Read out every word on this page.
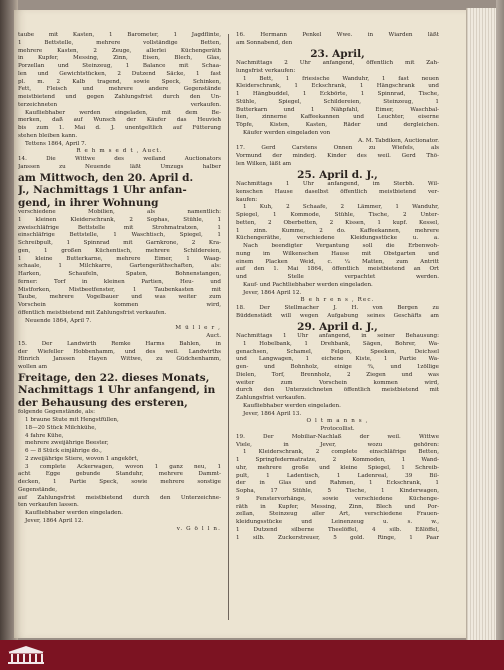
taube mit Kasten, 1 Barometer, 1 Jagdflinte,
1 Bettstelle, mehrere vollständige Betten,
mehrere Kasten, 2 Zeuge, allerlei Küchengeräth
in Kupfer, Messing, Zinn, Eisen, Blech, Glas,
Porzellan und Steinzeug, 1 Balance mit Schaa-
len und Gewichtstücken, 2 Dutzend Säcke, 1 fast
pl. m. 2 Kalb tragend, sowie Speck, Schinken,
Fett, Fleisch und mehrere andere Gegenstände
meistbietend und gegen Zahlungsfrist durch den Un-
terzeichneten verkaufen.
Kaufliebhaber werden eingeladen, mit dem Be-
merken, daß auf Wunsch der Käufer das Heuvieh
bis zum 1. Mai d. J. unentgeltlich auf Fütterung
stehen bleiben kann.
Tettens 1864, April 7.
R e h m s e d t , Auct.
14. Die Wittwe des weiland Auctionators
Janssen zu Neuende läßt Umzugs halber
am Mittwoch, den 20. April d.
J., Nachmittags 1 Uhr anfan-
gend, in ihrer Wohnung
verschiedene Mobilien, als namentlich:
1 kleinen Kleiderschrank, 2 Sophas, Stühle, 1
zweischläfrige Bettstelle mit Strohmatratzen, 1
einschläfrige Bettstelle, 1 Waschtisch, Spiegel, 1
Schreibpult, 1 Spinnrad mit Garnkrone, 2 Kra-
gen, 1 großen Küchentisch, mehrere Schildereien,
1 kleine Butterkarne, mehrere Eimer, 1 Waag-
schaale, 1 Milchkarre, Gartengeräthschaften, als:
Harken, Schaufeln, Spaten, Bohnenstangen,
ferner: Torf in kleinen Partien, Heu- und
Mistforken, Mistbeetfenster, 1 Taubenkasten mit
Taube, mehrere Vogelbauer und was weiter zum
Vorschein kommen wird,
öffentlich meistbietend mit Zahlungsfrist verkaufen.
Neuende 1864, April 7.
M ü l l e r ,
Auct.
15. Der Landwirth Remke Harms Bahlen, in
der Wiefeller Hobbenhamm, und des weil. Landwirths
Hinrich Janssen Hayen Wittwe, zu Güdchenhamm,
wollen am
Freitage, den 22. dieses Monats,
Nachmittags 1 Uhr anfangend, in
der Behausung des ersteren,
folgende Gegenstände, als:
1 braune Stute mit Hengstfüllen,
18—20 Stück Milchkühe,
4 fahre Kühe,
mehrere zweijährige Beester,
6 — 8 Stück einjährige do.,
2 zweijährige Stiere, wovon 1 angekört,
3 complete Ackerwagen, wovon 1 ganz neu, 1
acht Egge gebunde Standuhr, mehrere Dammt-
decken, 1 Partie Speck, sowie mehrere sonstige
Gegenstände,
auf Zahlungsfrist meistbietend durch den Unterzeichne-
ten verkaufen lassen.
Kaufliebhaber werden eingeladen.
Jever, 1864 April 12.
v. G ö l l n.
16. Hermann Penkel Wwe. in Wiarden läßt
am Sonnabend, den
23. April,
Nachmittags 2 Uhr anfangend, öffentlich mit Zah-
lungsfrist verkaufen:
1 Bett, 1 friesische Wanduhr, 1 fast neuen
Kleiderschrank, 1 Eckschrank, 1 Hängschrank und
1 Hängbuddel, 1 Eckbörte, 1 Spinnrad, Tische,
Stühle, Spiegel, Schildereien, Steinzeug, 1
Butterkarn und 1 Nähpfahl, Eimer, Waschbal-
lien, zinnerne Kaffeekannen und Leuchter, eiserne
Töpfe, Kisten, Kasten, Räder und dergleichen.
Käufer werden eingeladen von
A. M. Tabdiken, Auctionator.
17. Gerd Carstens Onnen zu Wiefels, als
Vormund der minderj. Kinder des weil. Gerd Thö-
len Wilken, läßt am
25. April d. J.,
Nachmittags 1 Uhr anfangend, im Sterbh. Wil-
kenschen Hause daselbst öffentlich meistbietend ver-
kaufen:
1 Kuh, 2 Schaafe, 2 Lämmer, 1 Wanduhr,
Spiegel, 1 Kommode, Stühle, Tische, 2 Unter-
betten, 2 Oberbetten, 2 Kissen, 1 kupf. Kessel,
1 zinn. Kumme, 2 do. Kaffeekannen, mehrere
Küchengeräthe, verschiedene Kleidungsstücke u. a.
Nach beendigter Vergantung soll die Erbenwoh-
nung im Wilkenschen Hause mit Obstgarten und
einem Placken Weid, c. ¼ Matten, zum Antritt
auf den 1. Mai 1864, öffentlich meistbietend an Ort
und Stelle verpachtet werden.
Kauf- und Pachtliebhaber werden eingeladen.
Jever, 1864 April 12.
B e h r e n s , Rec.
18. Der Stellmacher J. H. von Bergen zu
Büddenstädt will wegen Aufgabung seines Geschäfts am
29. April d. J.,
Nachmittags 1 Uhr anfangend, in seiner Behausung:
1 Hobelbank, 1 Drehbank, Sägen, Bohrer, Wa-
genachsen, Schamel, Felgen, Speeken, Deichsel
und Langwagen, 1 eichene Kiste, 1 Partie Wa-
gen- und Bohnholz, einige ¾, und 1zöllige
Dielen, Torf, Brennholz, 2 Ziegen und was
weiter zum Vorschein kommen wird,
durch den Unterzeichneten öffentlich meistbietend mit
Zahlungsfrist verkaufen.
Kaufliebhaber werden eingeladen.
Jever, 1864 April 13.
O l t m a n n s ,
Protocollist.
19. Der Mobiliar-Nachlaß der weil. Wittwe
Viele, in Jever, wozu gehören:
1 Kleiderschrank, 2 complete einschläfrige Betten,
1 Springfedermatratze, 2 Kommoden, 1 Wand-
uhr, mehrere große und kleine Spiegel, 1 Schreib-
pult, 1 Ladentisch, 1 Ladenreal, 39 Bil-
der in Glas und Rahmen, 1 Eckschrank, 1
Sopha, 17 Stühle, 5 Tische, 1 Kinderwagen,
9 Fenstervorhänge, sowie verschiedene Küchenge-
räth in Kupfer, Messing, Zinn, Blech und Por-
zellan, Steinzeug aller Art, verschiedene Frauen-
kleidungsstücke und Leinenzeug u. s. w.,
1 Dutzend silberne Theelöffel, 4 silb. Eßlöffel,
1 silb. Zuckerstreuer, 5 gold. Ringe, 1 Paar
